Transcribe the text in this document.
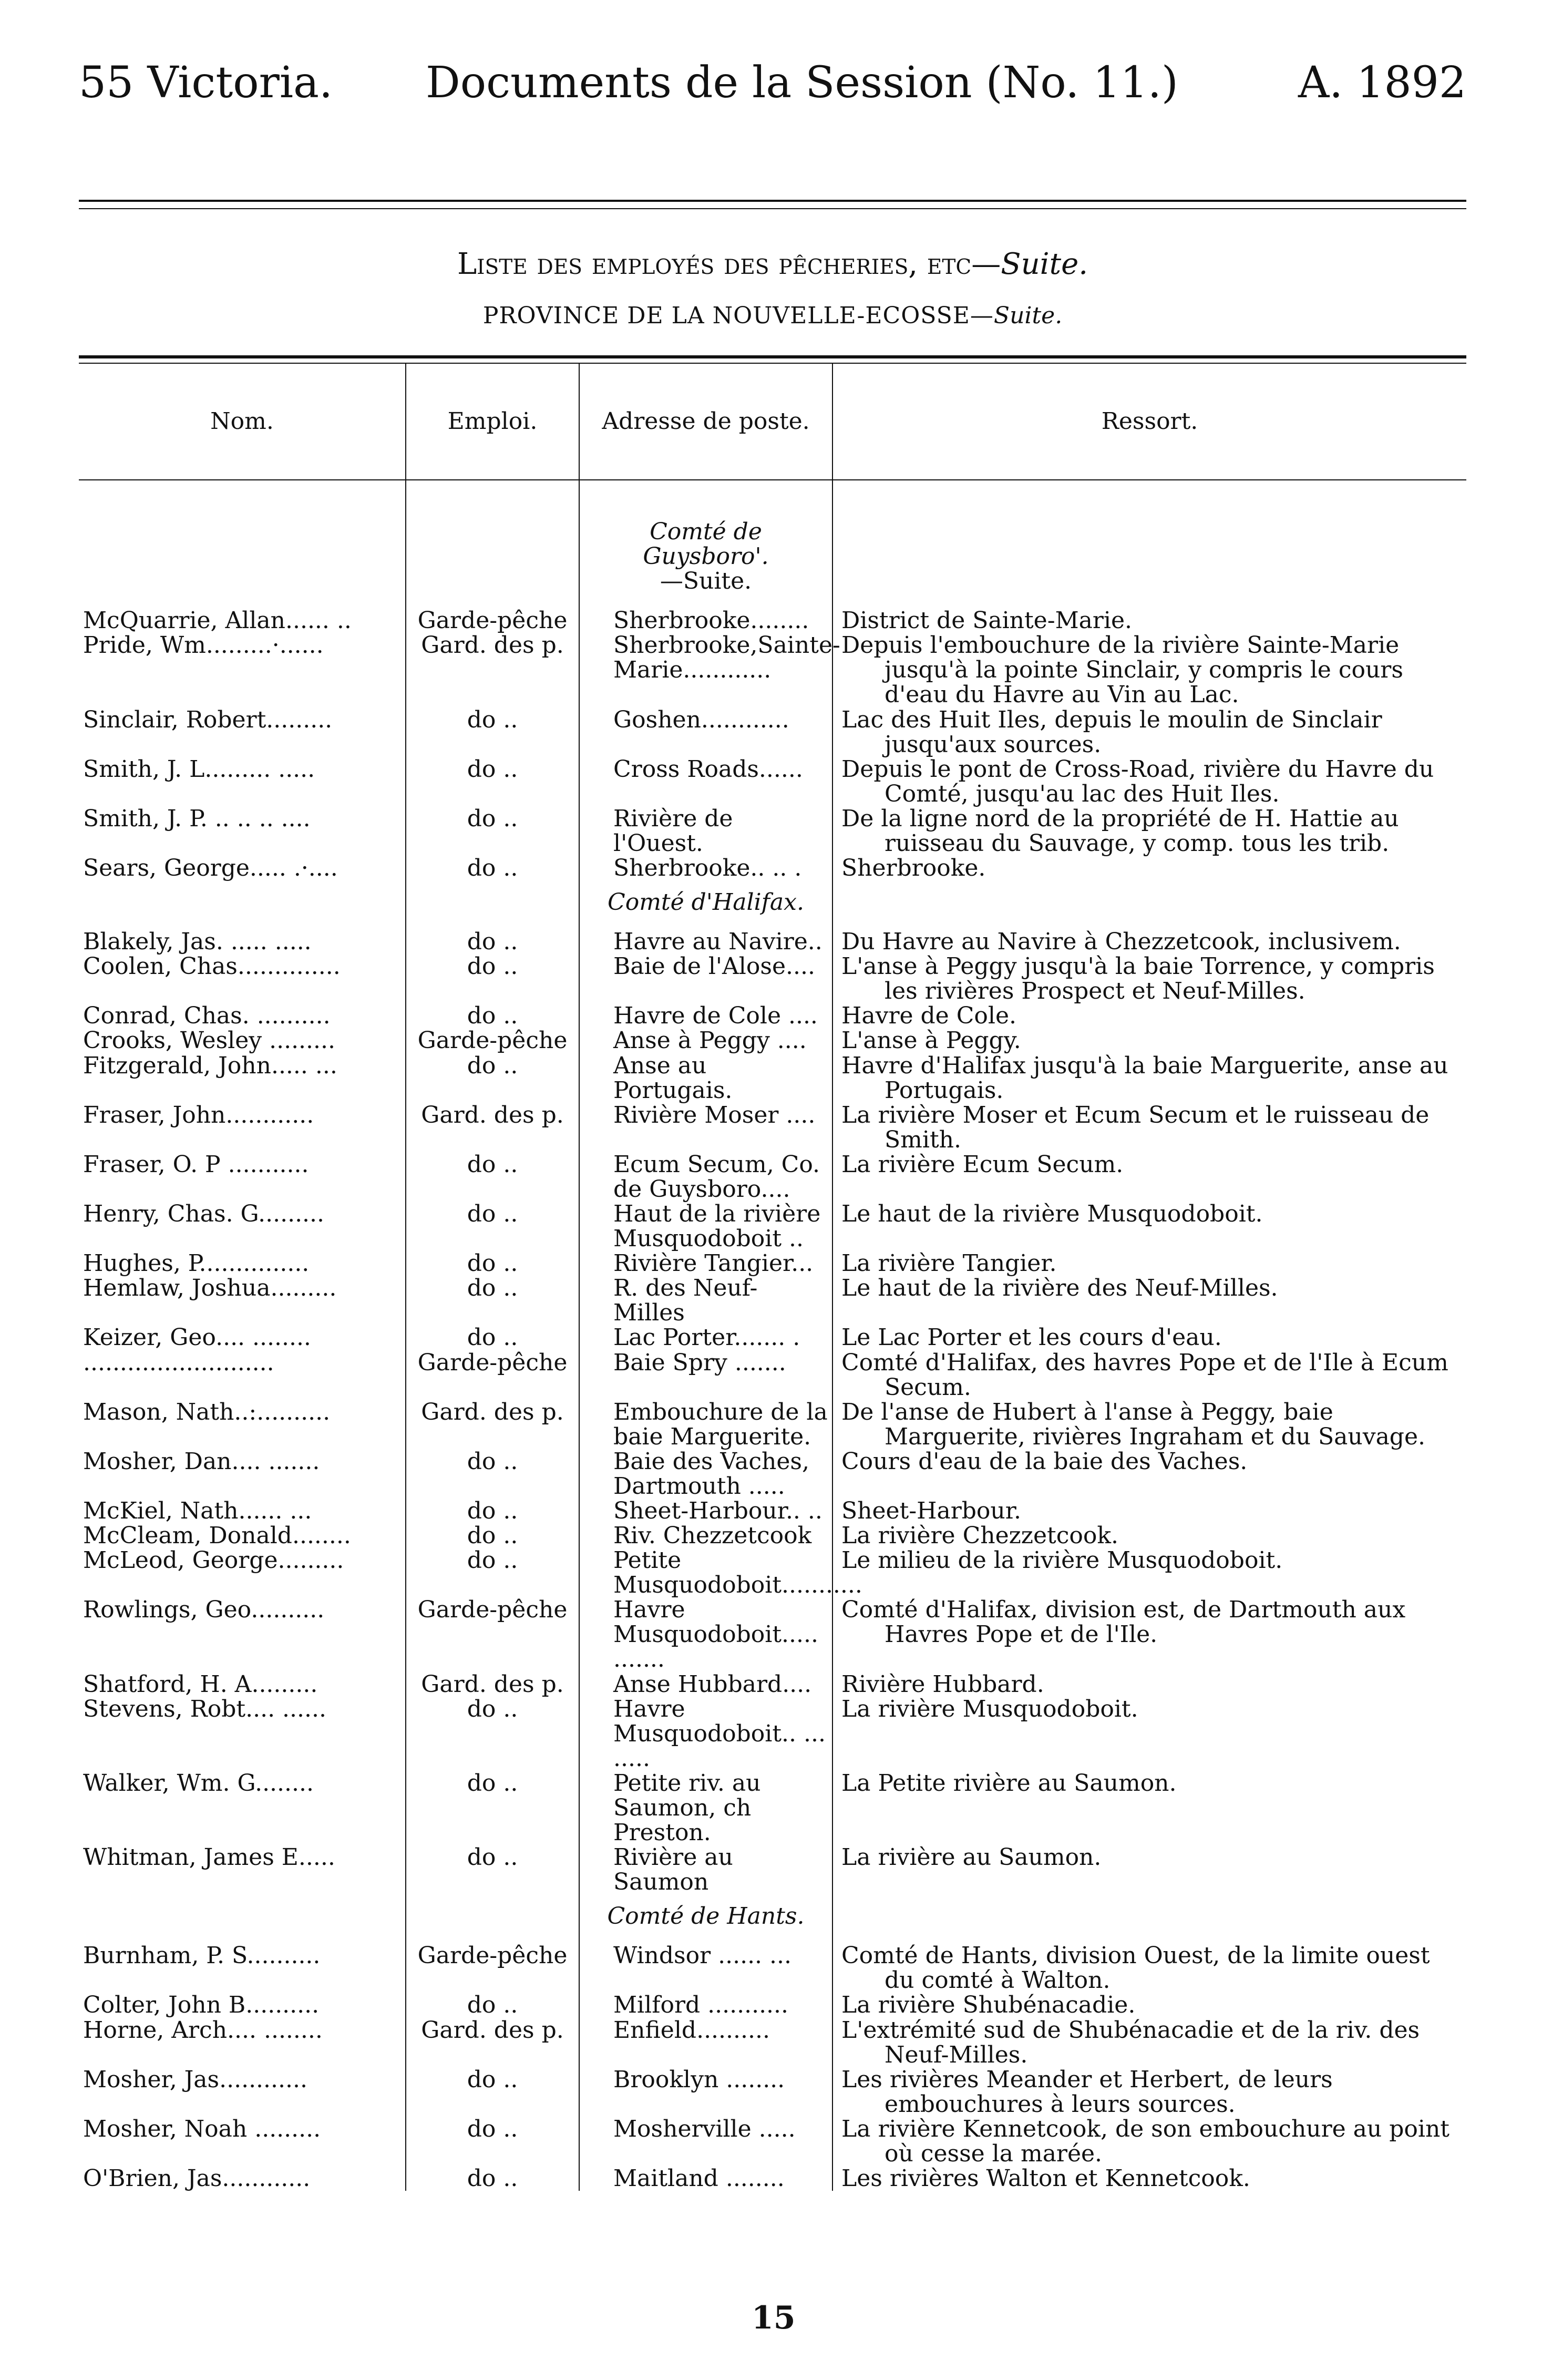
55 Victoria. Documents de la Session (No. 11.)	A. 1892
Liste des employés des pêcheries, etc—Suite.
PROVINCE DE LA NOUVELLE-ECOSSE—Suite.
Nom.	Emploi.	Adresse de poste.	Ressort.

		Comté de Guysboro'.
—Suite.	

McQuarrie, Allan...... ..	Garde-pêche	Sherbrooke........	District de Sainte-Marie.

Pride, Wm.........·......	Gard. des p.	Sherbrooke,Sainte-Marie............	Depuis l'embouchure de la rivière Sainte-Marie jusqu'à la pointe Sinclair, y compris le cours d'eau du Havre au Vin au Lac.

Sinclair, Robert.........	do ..	Goshen............	Lac des Huit Iles, depuis le moulin de Sinclair jusqu'aux sources.

Smith, J. L......... .....	do ..	Cross Roads......	Depuis le pont de Cross-Road, rivière du Havre du Comté, jusqu'au lac des Huit Iles.

Smith, J. P. .. .. .. ....	do ..	Rivière de l'Ouest.	De la ligne nord de la propriété de H. Hattie au ruisseau du Sauvage, y comp. tous les trib.

Sears, George..... .·....	do ..	Sherbrooke.. .. .	Sherbrooke.

		Comté d'Halifax.	
Blakely, Jas. ..... .....	do ..	Havre au Navire..	Du Havre au Navire à Chezzetcook, inclusivem.

Coolen, Chas..............	do ..	Baie de l'Alose....	L'anse à Peggy jusqu'à la baie Torrence, y compris les rivières Prospect et Neuf-Milles.

Conrad, Chas. ..........	do ..	Havre de Cole ....	Havre de Cole.

Crooks, Wesley .........	Garde-pêche	Anse à Peggy ....	L'anse à Peggy.

Fitzgerald, John..... ...	do ..	Anse au Portugais.	Havre d'Halifax jusqu'à la baie Marguerite, anse au Portugais.

Fraser, John............	Gard. des p.	Rivière Moser ....	La rivière Moser et Ecum Secum et le ruisseau de Smith.

Fraser, O. P ...........	do ..	Ecum Secum, Co. de Guysboro....	La rivière Ecum Secum.

Henry, Chas. G.........	do ..	Haut de la rivière Musquodoboit ..	Le haut de la rivière Musquodoboit.

Hughes, P...............	do ..	Rivière Tangier...	La rivière Tangier.

Hemlaw, Joshua.........	do ..	R. des Neuf-Milles	Le haut de la rivière des Neuf-Milles.

Keizer, Geo.... ........	do ..	Lac Porter....... .	Le Lac Porter et les cours d'eau.

..........................	Garde-pêche	Baie Spry .......	Comté d'Halifax, des havres Pope et de l'Ile à Ecum Secum.

Mason, Nath..:..........	Gard. des p.	Embouchure de la baie Marguerite.	De l'anse de Hubert à l'anse à Peggy, baie Marguerite, rivières Ingraham et du Sauvage.

Mosher, Dan.... .......	do ..	Baie des Vaches, Dartmouth .....	Cours d'eau de la baie des Vaches.

McKiel, Nath...... ...	do ..	Sheet-Harbour.. ..	Sheet-Harbour.

McCleam, Donald........	do ..	Riv. Chezzetcook	La rivière Chezzetcook.

McLeod, George.........	do ..	Petite Musquodoboit...........	Le milieu de la rivière Musquodoboit.

Rowlings, Geo..........	Garde-pêche	Havre Musquodoboit..... .......	Comté d'Halifax, division est, de Dartmouth aux Havres Pope et de l'Ile.

Shatford, H. A.........	Gard. des p.	Anse Hubbard....	Rivière Hubbard.

Stevens, Robt.... ......	do ..	Havre Musquodoboit.. ... .....	La rivière Musquodoboit.

Walker, Wm. G........	do ..	Petite riv. au Saumon, ch Preston.	La Petite rivière au Saumon.

Whitman, James E.....	do ..	Rivière au Saumon	La rivière au Saumon.

		Comté de Hants.	
Burnham, P. S..........	Garde-pêche	Windsor ...... ...	Comté de Hants, division Ouest, de la limite ouest du comté à Walton.

Colter, John B..........	do ..	Milford ...........	La rivière Shubénacadie.

Horne, Arch.... ........	Gard. des p.	Enfield..........	L'extrémité sud de Shubénacadie et de la riv. des Neuf-Milles.

Mosher, Jas............	do ..	Brooklyn ........	Les rivières Meander et Herbert, de leurs embouchures à leurs sources.

Mosher, Noah .........	do ..	Mosherville .....	La rivière Kennetcook, de son embouchure au point où cesse la marée.

O'Brien, Jas............	do ..	Maitland ........	Les rivières Walton et Kennetcook.
15
